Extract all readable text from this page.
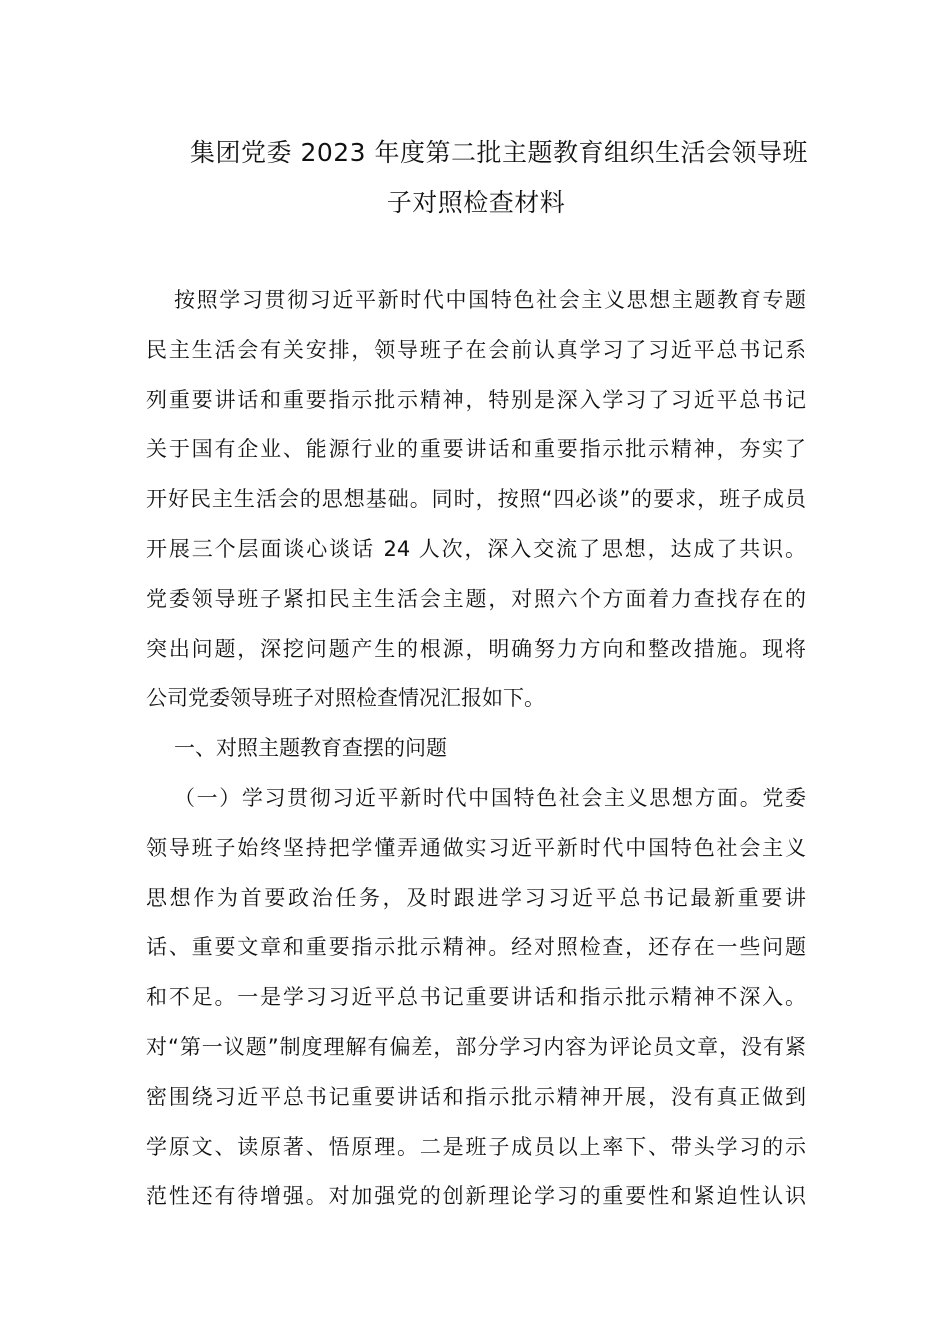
集团党委 2023 年度第二批主题教育组织生活会领导班
子对照检查材料
按照学习贯彻习近平新时代中国特色社会主义思想主题教育专题
民主生活会有关安排，领导班子在会前认真学习了习近平总书记系
列重要讲话和重要指示批示精神，特别是深入学习了习近平总书记
关于国有企业、能源行业的重要讲话和重要指示批示精神，夯实了
开好民主生活会的思想基础。同时，按照“四必谈”的要求，班子成员
开展三个层面谈心谈话 24 人次，深入交流了思想，达成了共识。
党委领导班子紧扣民主生活会主题，对照六个方面着力查找存在的
突出问题，深挖问题产生的根源，明确努力方向和整改措施。现将
公司党委领导班子对照检查情况汇报如下。
一、对照主题教育查摆的问题
（一）学习贯彻习近平新时代中国特色社会主义思想方面。党委
领导班子始终坚持把学懂弄通做实习近平新时代中国特色社会主义
思想作为首要政治任务，及时跟进学习习近平总书记最新重要讲
话、重要文章和重要指示批示精神。经对照检查，还存在一些问题
和不足。一是学习习近平总书记重要讲话和指示批示精神不深入。
对“第一议题”制度理解有偏差，部分学习内容为评论员文章，没有紧
密围绕习近平总书记重要讲话和指示批示精神开展，没有真正做到
学原文、读原著、悟原理。二是班子成员以上率下、带头学习的示
范性还有待增强。对加强党的创新理论学习的重要性和紧迫性认识
